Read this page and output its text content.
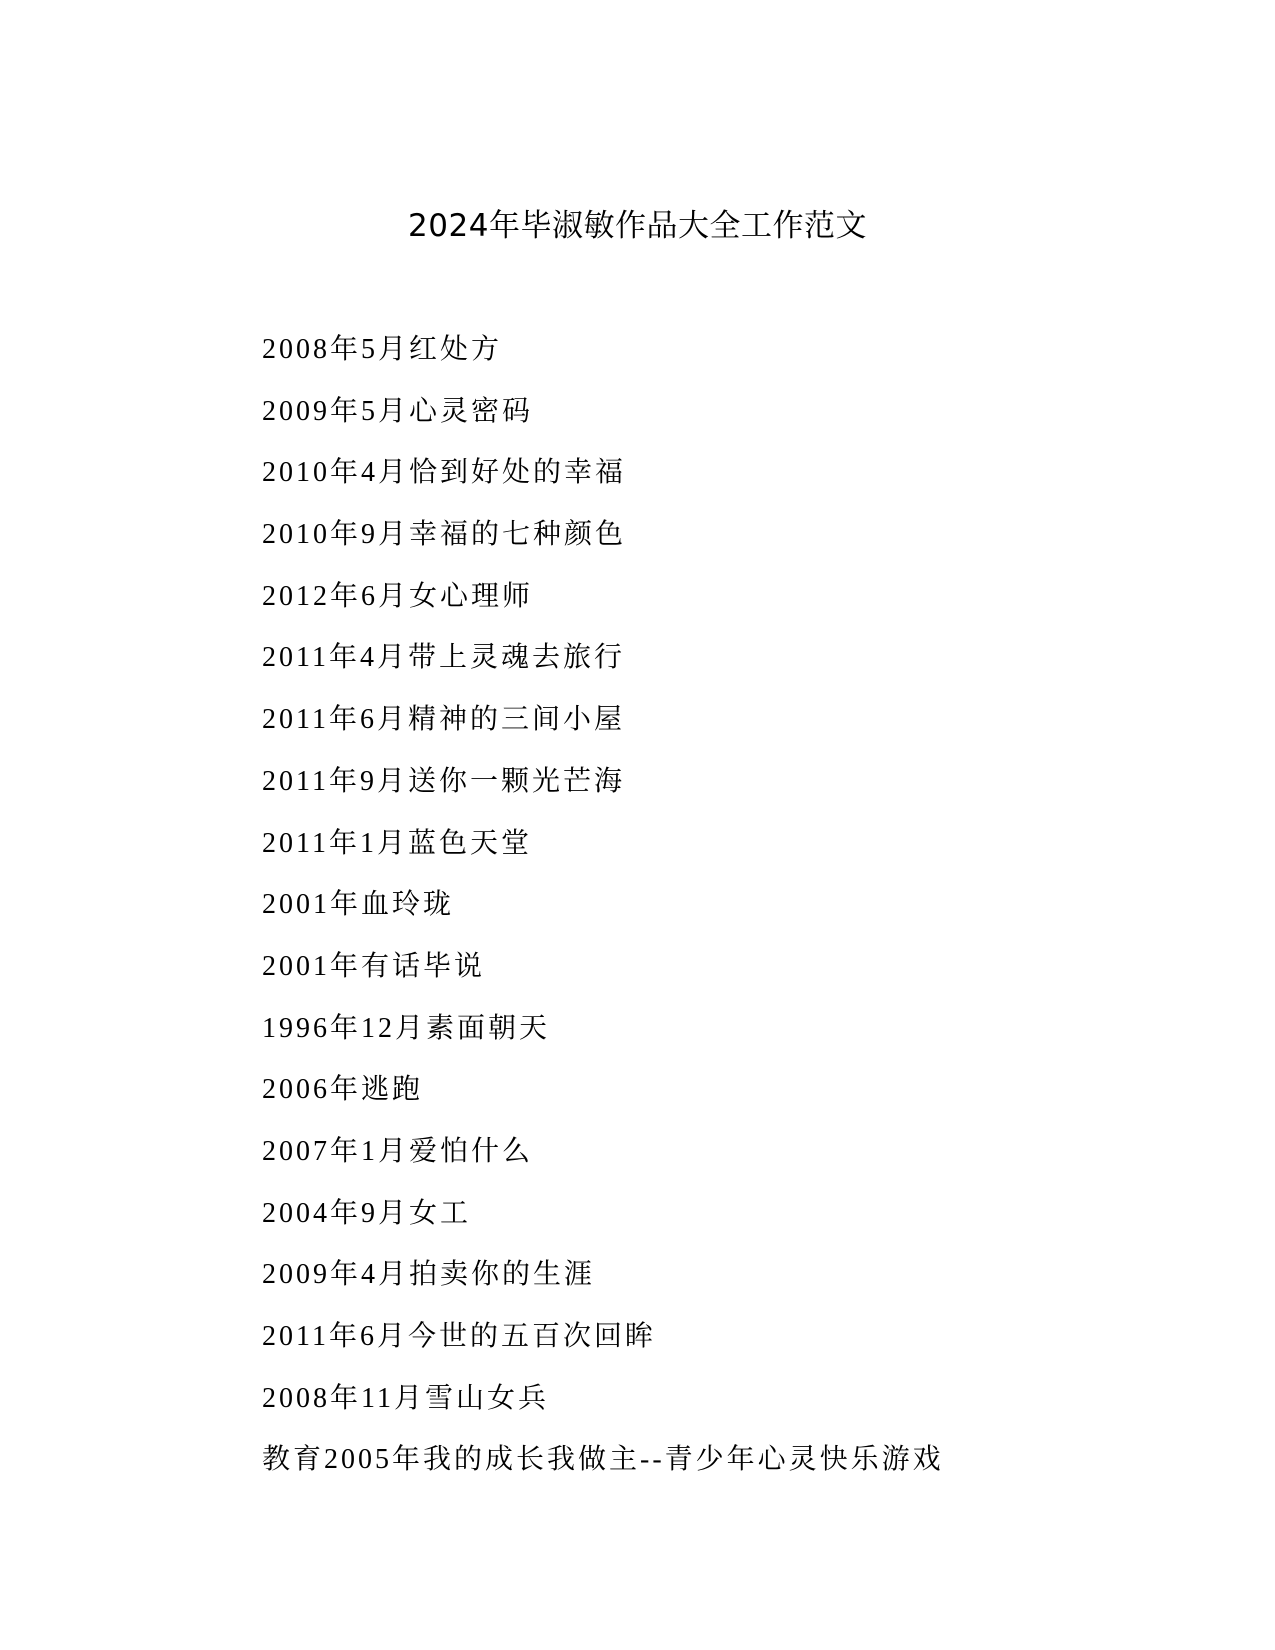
2024年毕淑敏作品大全工作范文
2008年5月红处方
2009年5月心灵密码
2010年4月恰到好处的幸福
2010年9月幸福的七种颜色
2012年6月女心理师
2011年4月带上灵魂去旅行
2011年6月精神的三间小屋
2011年9月送你一颗光芒海
2011年1月蓝色天堂
2001年血玲珑
2001年有话毕说
1996年12月素面朝天
2006年逃跑
2007年1月爱怕什么
2004年9月女工
2009年4月拍卖你的生涯
2011年6月今世的五百次回眸
2008年11月雪山女兵
教育2005年我的成长我做主--青少年心灵快乐游戏
